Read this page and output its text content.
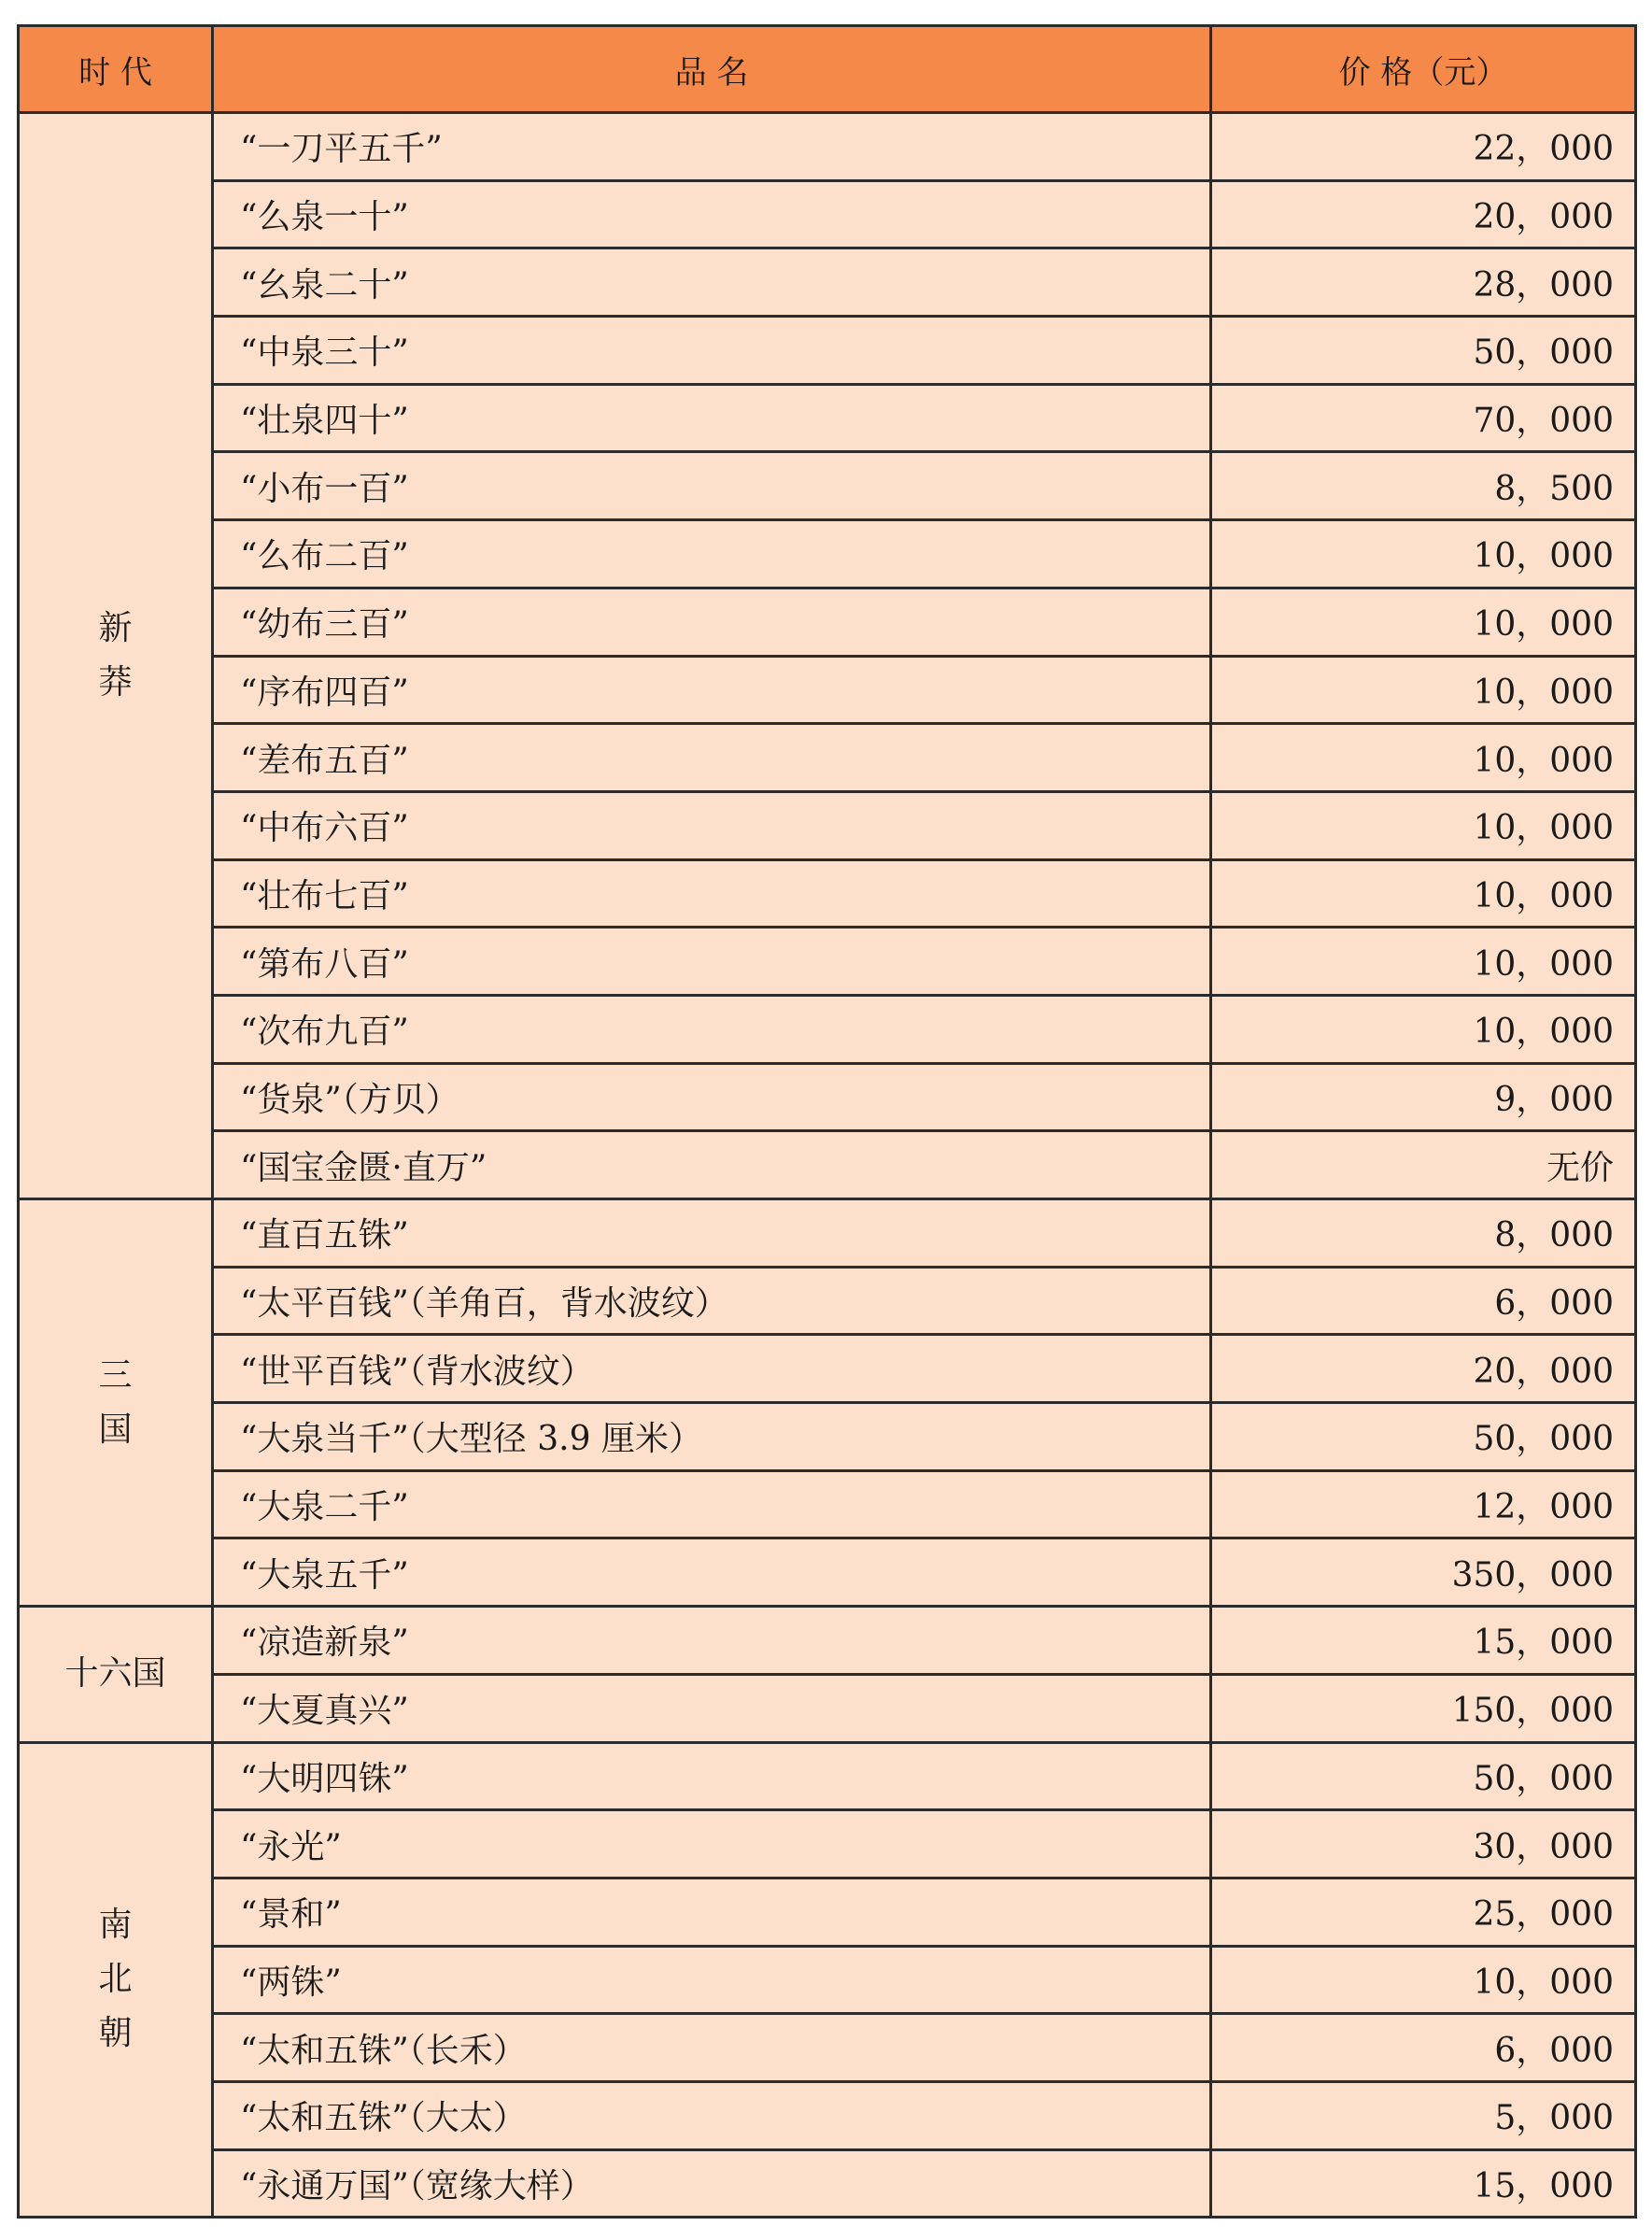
时 代	品 名	价 格（元）
新莽	“一刀平五千”	22，000
	“么泉一十”	20，000
	“幺泉二十”	28，000
	“中泉三十”	50，000
	“壮泉四十”	70，000
	“小布一百”	8，500
	“么布二百”	10，000
	“幼布三百”	10，000
	“序布四百”	10，000
	“差布五百”	10，000
	“中布六百”	10，000
	“壮布七百”	10，000
	“第布八百”	10，000
	“次布九百”	10，000
	“货泉”（方贝）	9，000
	“国宝金匮·直万”	无价
三国	“直百五铢”	8，000
	“太平百钱”（羊角百，背水波纹）	6，000
	“世平百钱”（背水波纹）	20，000
	“大泉当千”（大型径 3.9 厘米）	50，000
	“大泉二千”	12，000
	“大泉五千”	350，000
十六国	“凉造新泉”	15，000
	“大夏真兴”	150，000
南北朝	“大明四铢”	50，000
	“永光”	30，000
	“景和”	25，000
	“两铢”	10，000
	“太和五铢”（长禾）	6，000
	“太和五铢”（大太）	5，000
	“永通万国”（宽缘大样）	15，000
